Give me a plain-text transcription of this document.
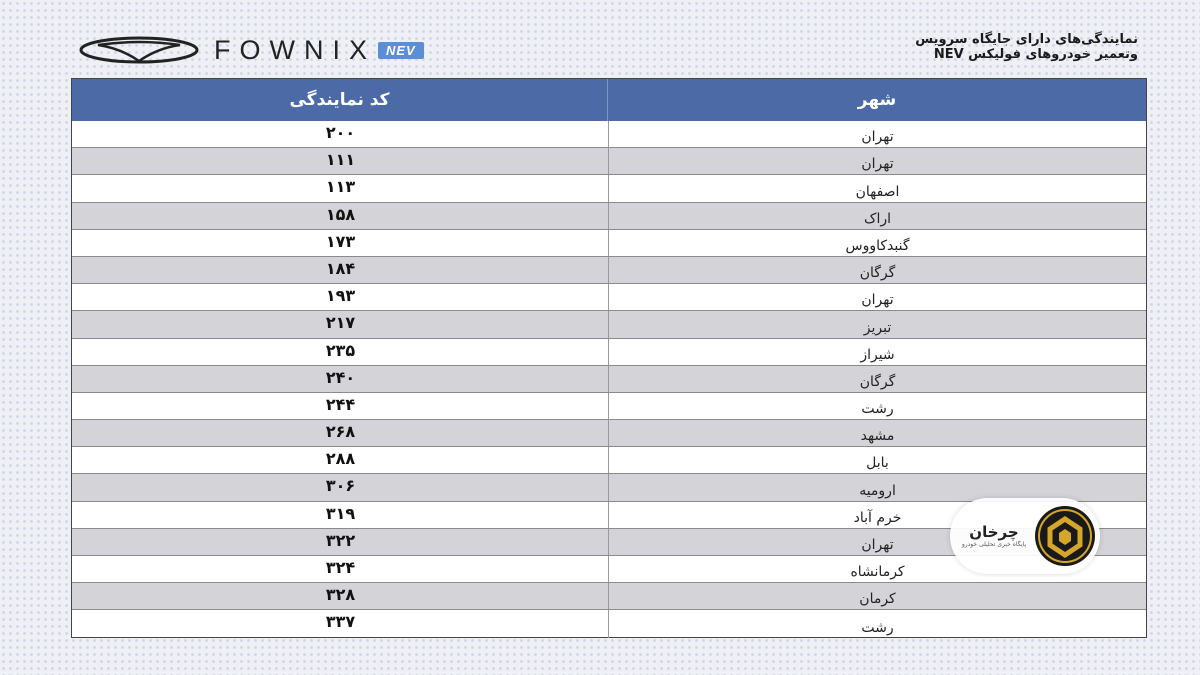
FOWNIX NEV
نمایندگی‌های دارای جایگاه سرویس
وتعمیر خودروهای فولیکس NEV
شهر
کد نمایندگی
تهران
۲۰۰
تهران
۱۱۱
اصفهان
۱۱۳
اراک
۱۵۸
گنبدکاووس
۱۷۳
گرگان
۱۸۴
تهران
۱۹۳
تبریز
۲۱۷
شیراز
۲۳۵
گرگان
۲۴۰
رشت
۲۴۴
مشهد
۲۶۸
بابل
۲۸۸
ارومیه
۳۰۶
خرم آباد
۳۱۹
تهران
۳۲۲
کرمانشاه
۳۲۴
کرمان
۳۲۸
رشت
۳۳۷
چرخان
پایگاه خبری تحلیلی خودرو
